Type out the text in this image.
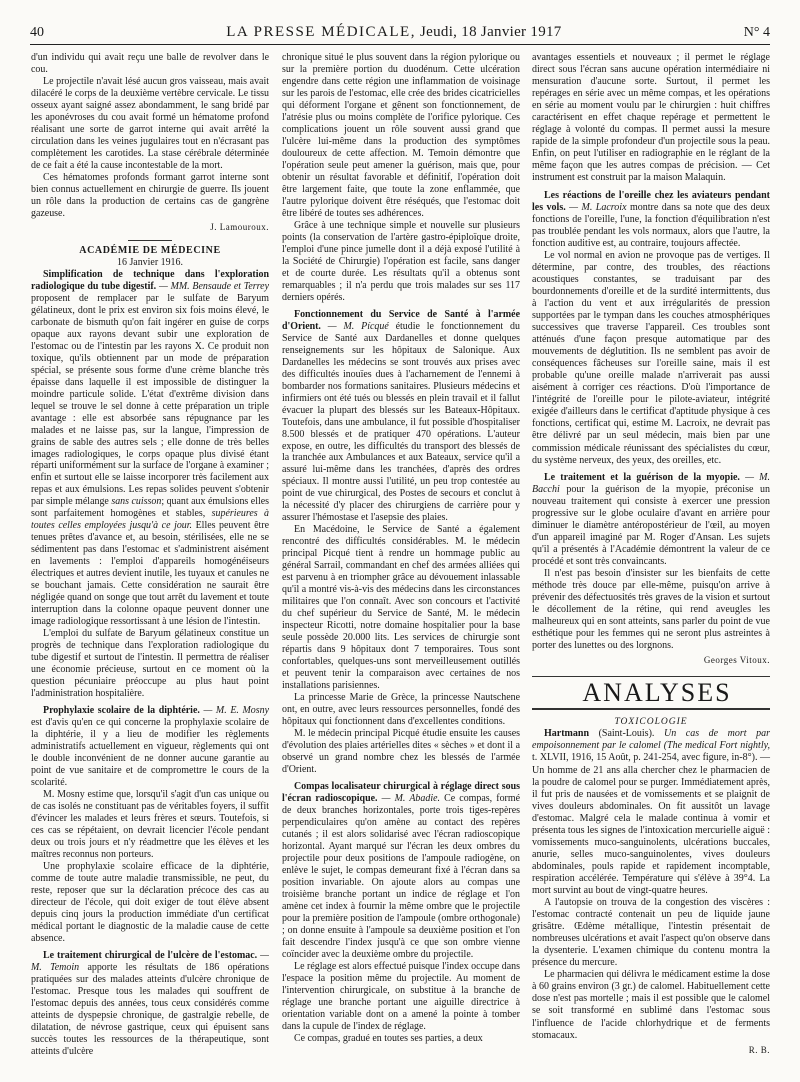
40	LA PRESSE MÉDICALE, Jeudi, 18 Janvier 1917	N° 4

d'un individu qui avait reçu une balle de revolver dans le cou.

Le projectile n'avait lésé aucun gros vaisseau, mais avait dilacéré le corps de la deuxième vertèbre cervicale. Le tissu osseux ayant saigné assez abondamment, le sang bridé par les aponévroses du cou avait formé un hématome profond réalisant une sorte de garrot interne qui avait arrêté la circulation dans les veines jugulaires tout en n'écrasant pas complètement les carotides. La stase cérébrale déterminée de ce fait a été la cause incontestable de la mort.

Ces hématomes profonds formant garrot interne sont bien connus actuellement en chirurgie de guerre. Ils jouent un rôle dans la production de certains cas de gangrène gazeuse.

J. Lamouroux.

ACADÉMIE DE MÉDECINE

16 Janvier 1916.

Simplification de technique dans l'exploration radiologique du tube digestif. — MM. Bensaude et Terrey proposent de remplacer par le sulfate de Baryum gélatineux, dont le prix est environ six fois moins élevé, le carbonate de bismuth qu'on fait ingérer en guise de corps opaque aux rayons devant subir une exploration de l'estomac ou de l'intestin par les rayons X. Ce produit non toxique, qu'ils obtiennent par un mode de préparation spécial, se présente sous forme d'une crème blanche très épaisse dans laquelle il est impossible de distinguer la moindre particule solide. L'état d'extrême division dans lequel se trouve le sel donne à cette préparation un triple avantage : elle est absorbée sans répugnance par les malades et ne laisse pas, sur la langue, l'impression de grains de sable des autres sels ; elle donne de très belles images radiologiques, le corps opaque plus divisé étant réparti uniformément sur la surface de l'organe à examiner ; enfin et surtout elle se laisse incorporer très facilement aux repas et aux émulsions. Les repas solides peuvent s'obtenir par simple mélange sans cuisson; quant aux émulsions elles sont parfaitement homogènes et stables, supérieures à toutes celles employées jusqu'à ce jour. Elles peuvent être tenues prêtes d'avance et, au besoin, stérilisées, elle ne se sédimentent pas dans l'estomac et s'administrent aisément en lavements : l'emploi d'appareils homogénéiseurs électriques et autres devient inutile, les tuyaux et canules ne se bouchant jamais. Cette considération ne saurait être négligée quand on songe que tout arrêt du lavement et toute interruption dans la colonne opaque peuvent donner une image radiologique ressortissant à une lésion de l'intestin.

L'emploi du sulfate de Baryum gélatineux constitue un progrès de technique dans l'exploration radiologique du tube digestif et surtout de l'intestin. Il permettra de réaliser une économie précieuse, surtout en ce moment où la question pécuniaire préoccupe au plus haut point l'administration hospitalière.

Prophylaxie scolaire de la diphtérie. — M. E. Mosny est d'avis qu'en ce qui concerne la prophylaxie scolaire de la diphtérie, il y a lieu de modifier les règlements administratifs actuellement en vigueur, règlements qui ont le double inconvénient de ne donner aucune garantie au point de vue sanitaire et de compromettre le cours de la scolarité.

M. Mosny estime que, lorsqu'il s'agit d'un cas unique ou de cas isolés ne constituant pas de véritables foyers, il suffit d'évincer les malades et leurs frères et sœurs. Toutefois, si ces cas se répétaient, on devrait licencier l'école pendant deux ou trois jours et n'y réadmettre que les élèves et les maîtres reconnus non porteurs.

Une prophylaxie scolaire efficace de la diphtérie, comme de toute autre maladie transmissible, ne peut, du reste, reposer que sur la déclaration précoce des cas au directeur de l'école, qui doit exiger de tout élève absent depuis cinq jours la production immédiate d'un certificat médical portant le diagnostic de la maladie cause de cette absence.

Le traitement chirurgical de l'ulcère de l'estomac. — M. Temoin apporte les résultats de 186 opérations pratiquées sur des malades atteints d'ulcère chronique de l'estomac. Presque tous les malades qui souffrent de l'estomac depuis des années, tous ceux considérés comme atteints de dyspepsie chronique, de gastralgie rebelle, de dilatation, de névrose gastrique, ceux qui épuisent sans succès toutes les ressources de la thérapeutique, sont atteints d'ulcère

chronique situé le plus souvent dans la région pylorique ou sur la première portion du duodénum. Cette ulcération engendre dans cette région une inflammation de voisinage sur les parois de l'estomac, elle crée des brides cicatricielles qui déforment l'organe et gênent son fonctionnement, de l'atrésie plus ou moins complète de l'orifice pylorique. Ces complications jouent un rôle souvent aussi grand que l'ulcère lui-même dans la production des symptômes douloureux de cette affection. M. Temoin démontre que l'opération seule peut amener la guérison, mais que, pour obtenir un résultat favorable et définitif, l'opération doit être largement faite, que toute la zone enflammée, que l'autre pylorique doivent être réséqués, que l'estomac doit être libéré de toutes ses adhérences.

Grâce à une technique simple et nouvelle sur plusieurs points (la conservation de l'artère gastro-épiploïque droite, l'emploi d'une pince jumelle dont il a déjà exposé l'utilité à la Société de Chirurgie) l'opération est facile, sans danger et de courte durée. Les résultats qu'il a obtenus sont remarquables ; il n'a perdu que trois malades sur ses 117 derniers opérés.

Fonctionnement du Service de Santé à l'armée d'Orient. — M. Pícqué étudie le fonctionnement du Service de Santé aux Dardanelles et donne quelques renseignements sur les hôpitaux de Salonique. Aux Dardanelles les médecins se sont trouvés aux prises avec des difficultés inouïes dues à l'acharnement de l'ennemi à bombarder nos formations sanitaires. Plusieurs médecins et infirmiers ont été tués ou blessés en plein travail et il fallut évacuer la plupart des blessés sur les Bateaux-Hôpitaux. Toutefois, dans une ambulance, il fut possible d'hospitaliser 8.500 blessés et de pratiquer 470 opérations. L'auteur expose, en outre, les difficultés du transport des blessés de la tranchée aux Ambulances et aux Bateaux, service qu'il a assuré lui-même dans les tranchées, d'après des ordres spéciaux. Il montre aussi l'utilité, un peu trop contestée au point de vue chirurgical, des Postes de secours et conclut à la nécessité d'y placer des chirurgiens de carrière pour y assurer l'hémostase et l'asepsie des plaies.

En Macédoine, le Service de Santé a également rencontré des difficultés considérables. M. le médecin principal Picqué tient à rendre un hommage public au général Sarrail, commandant en chef des armées alliées qui est parvenu à en triompher grâce au dévouement inlassable qu'il a montré vis-à-vis des médecins dans les circonstances militaires que l'on connaît. Avec son concours et l'activité du chef supérieur du Service de Santé, M. le médecin inspecteur Ricotti, notre domaine hospitalier pour la base seule possède 20.000 lits. Les services de chirurgie sont répartis dans 9 hôpitaux dont 7 temporaires. Tous sont confortables, quelques-uns sont merveilleusement outillés et peuvent tenir la comparaison avec certaines de nos installations parisiennes.

La princesse Marie de Grèce, la princesse Nautschene ont, en outre, avec leurs ressources personnelles, fondé des hôpitaux qui fonctionnent dans d'excellentes conditions.

M. le médecin principal Picqué étudie ensuite les causes d'évolution des plaies artérielles dites « sèches » et dont il a observé un grand nombre chez les blessés de l'armée d'Orient.

Compas localisateur chirurgical à réglage direct sous l'écran radioscopique. — M. Abadie. Ce compas, formé de deux branches horizontales, porte trois tiges-repères perpendiculaires qu'on amène au contact des repères cutanés ; il est alors solidarisé avec l'écran radioscopique horizontal. Ayant marqué sur l'écran les deux ombres du projectile pour deux positions de l'ampoule radiogène, on enlève le sujet, le compas demeurant fixé à l'écran dans sa position invariable. On ajoute alors au compas une troisième branche portant un indice de réglage et l'on amène cet index à fournir la même ombre que le projectile pour la première position de l'ampoule (ombre orthogonale) ; on donne ensuite à l'ampoule sa deuxième position et l'on fait descendre l'index jusqu'à ce que son ombre vienne coïncider avec la deuxième ombre du projectile.

Le réglage est alors effectué puisque l'index occupe dans l'espace la position même du projectile. Au moment de l'intervention chirurgicale, on substitue à la branche de réglage une branche portant une aiguille directrice à orientation variable dont on a amené la pointe à tomber dans la cupule de l'index de réglage.

Ce compas, gradué en toutes ses parties, a deux

avantages essentiels et nouveaux ; il permet le réglage direct sous l'écran sans aucune opération intermédiaire ni mensuration d'aucune sorte. Surtout, il permet les repérages en série avec un même compas, et les opérations en série au moment voulu par le chirurgien : huit chiffres caractérisent en effet chaque repérage et permettent le réglage à volonté du compas. Il permet aussi la mesure rapide de la simple profondeur d'un projectile sous la peau. Enfin, on peut l'utiliser en radiographie en le réglant de la même façon que les autres compas de précision. — Cet instrument est construit par la maison Malaquin.

Les réactions de l'oreille chez les aviateurs pendant les vols. — M. Lacroix montre dans sa note que des deux fonctions de l'oreille, l'une, la fonction d'équilibration n'est pas troublée pendant les vols normaux, alors que l'autre, la fonction auditive est, au contraire, toujours affectée.

Le vol normal en avion ne provoque pas de vertiges. Il détermine, par contre, des troubles, des réactions acoustiques constantes, se traduisant par des bourdonnements d'oreille et de la surdité intermittents, dus à l'action du vent et aux irrégularités de pression supportées par le tympan dans les couches atmosphériques successives que traverse l'appareil. Ces troubles sont atténués d'une façon presque automatique par des mouvements de déglutition. Ils ne semblent pas avoir de conséquences fâcheuses sur l'oreille saine, mais il est probable qu'une oreille malade n'arriverait pas aussi aisément à corriger ces réactions. D'où l'importance de l'intégrité de l'oreille pour le pilote-aviateur, intégrité exigée d'ailleurs dans le certificat d'aptitude physique à ces fonctions, certificat qui, estime M. Lacroix, ne devrait pas être délivré par un seul médecin, mais bien par une commission médicale réunissant des spécialistes du cœur, du système nerveux, des yeux, des oreilles, etc.

Le traitement et la guérison de la myopie. — M. Bacchi pour la guérison de la myopie, préconise un nouveau traitement qui consiste à exercer une pression progressive sur le globe oculaire d'avant en arrière pour diminuer le diamètre antéropostérieur de l'œil, au moyen d'un appareil imaginé par M. Roger d'Ansan. Les sujets qu'il a présentés à l'Académie démontrent la valeur de ce procédé et sont très convaincants.

Il n'est pas besoin d'insister sur les bienfaits de cette méthode très douce par elle-même, puisqu'on arrive à prévenir des défectuosités très graves de la vision et surtout le décollement de la rétine, qui rend aveugles les malheureux qui en sont atteints, sans parler du point de vue esthétique pour les femmes qui ne seront plus astreintes à porter des lunettes ou des lorgnons.

Georges Vitoux.

ANALYSES

TOXICOLOGIE

Hartmann (Saint-Louis). Un cas de mort par empoisonnement par le calomel (The medical Fort nightly, t. XLVII, 1916, 15 Août, p. 241-254, avec figure, in-8°). — Un homme de 21 ans alla chercher chez le pharmacien de la poudre de calomel pour se purger. Immédiatement après, il fut pris de nausées et de vomissements et se plaignit de vives douleurs abdominales. On fit aussitôt un lavage d'estomac. Malgré cela le malade continua à vomir et présenta tous les signes de l'intoxication mercurielle aiguë : vomissements muco-sanguinolents, ulcérations buccales, anurie, selles muco-sanguinolentes, vives douleurs abdominales, pouls rapide et rapidement incomptable, respiration accélérée. Température qui s'élève à 39°4. La mort survint au bout de vingt-quatre heures.

A l'autopsie on trouva de la congestion des viscères : l'estomac contracté contenait un peu de liquide jaune grisâtre. Œdème métallique, l'intestin présentait de nombreuses ulcérations et avait l'aspect qu'on observe dans la dysenterie. L'examen chimique du contenu montra la présence du mercure.

Le pharmacien qui délivra le médicament estime la dose à 60 grains environ (3 gr.) de calomel. Habituellement cette dose n'est pas mortelle ; mais il est possible que le calomel se soit transformé en sublimé dans l'estomac sous l'influence de l'acide chlorhydrique et de ferments stomacaux.

R. B.
